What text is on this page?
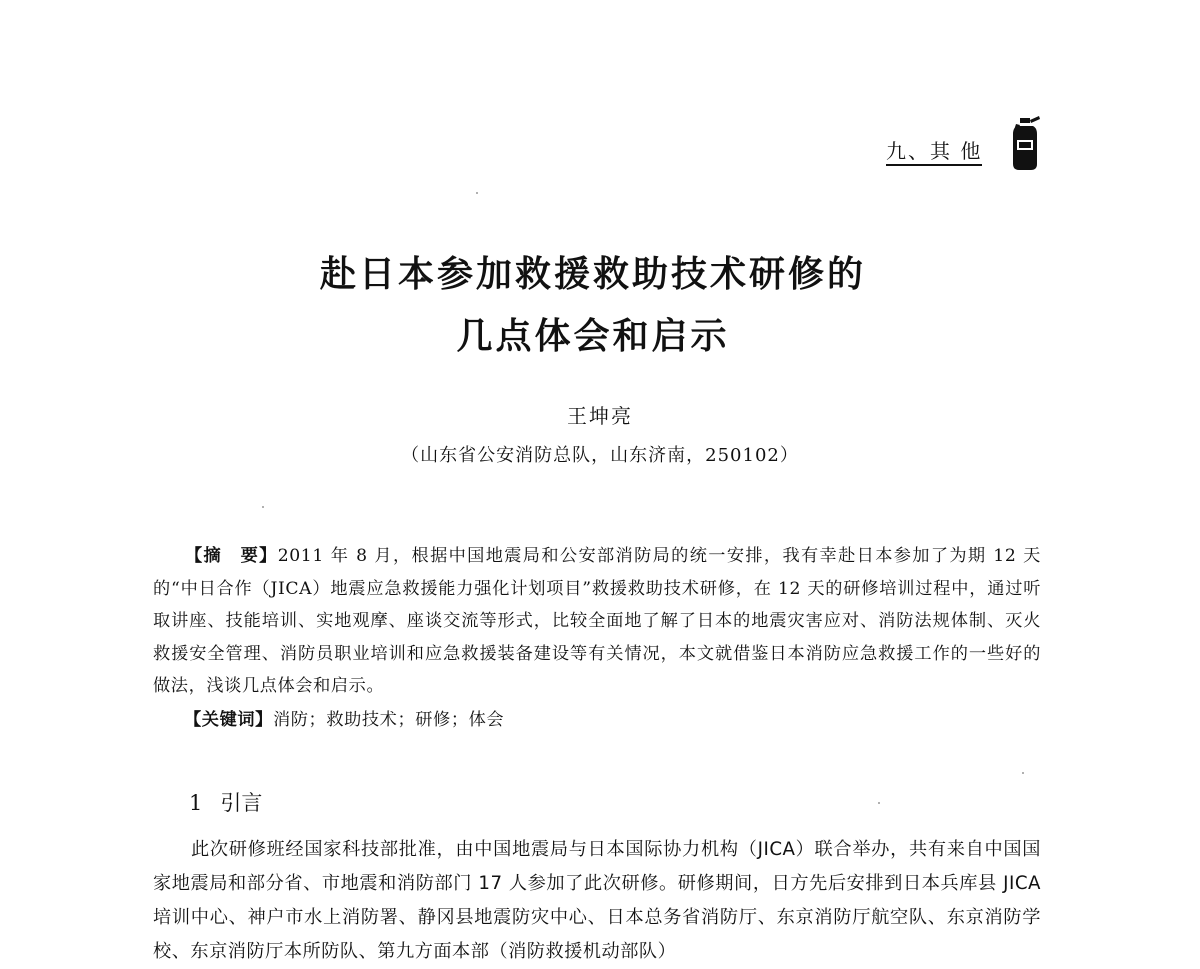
九、其 他
赴日本参加救援救助技术研修的
几点体会和启示
王坤亮
（山东省公安消防总队，山东济南，250102）
【摘　要】2011 年 8 月，根据中国地震局和公安部消防局的统一安排，我有幸赴日本参加了为期 12 天的“中日合作（JICA）地震应急救援能力强化计划项目”救援救助技术研修，在 12 天的研修培训过程中，通过听取讲座、技能培训、实地观摩、座谈交流等形式，比较全面地了解了日本的地震灾害应对、消防法规体制、灭火救援安全管理、消防员职业培训和应急救援装备建设等有关情况，本文就借鉴日本消防应急救援工作的一些好的做法，浅谈几点体会和启示。
【关键词】消防；救助技术；研修；体会
1 引言
此次研修班经国家科技部批准，由中国地震局与日本国际协力机构（JICA）联合举办，共有来自中国国家地震局和部分省、市地震和消防部门 17 人参加了此次研修。研修期间，日方先后安排到日本兵库县 JICA 培训中心、神户市水上消防署、静冈县地震防灾中心、日本总务省消防厅、东京消防厅航空队、东京消防学校、东京消防厅本所防队、第九方面本部（消防救援机动部队）
